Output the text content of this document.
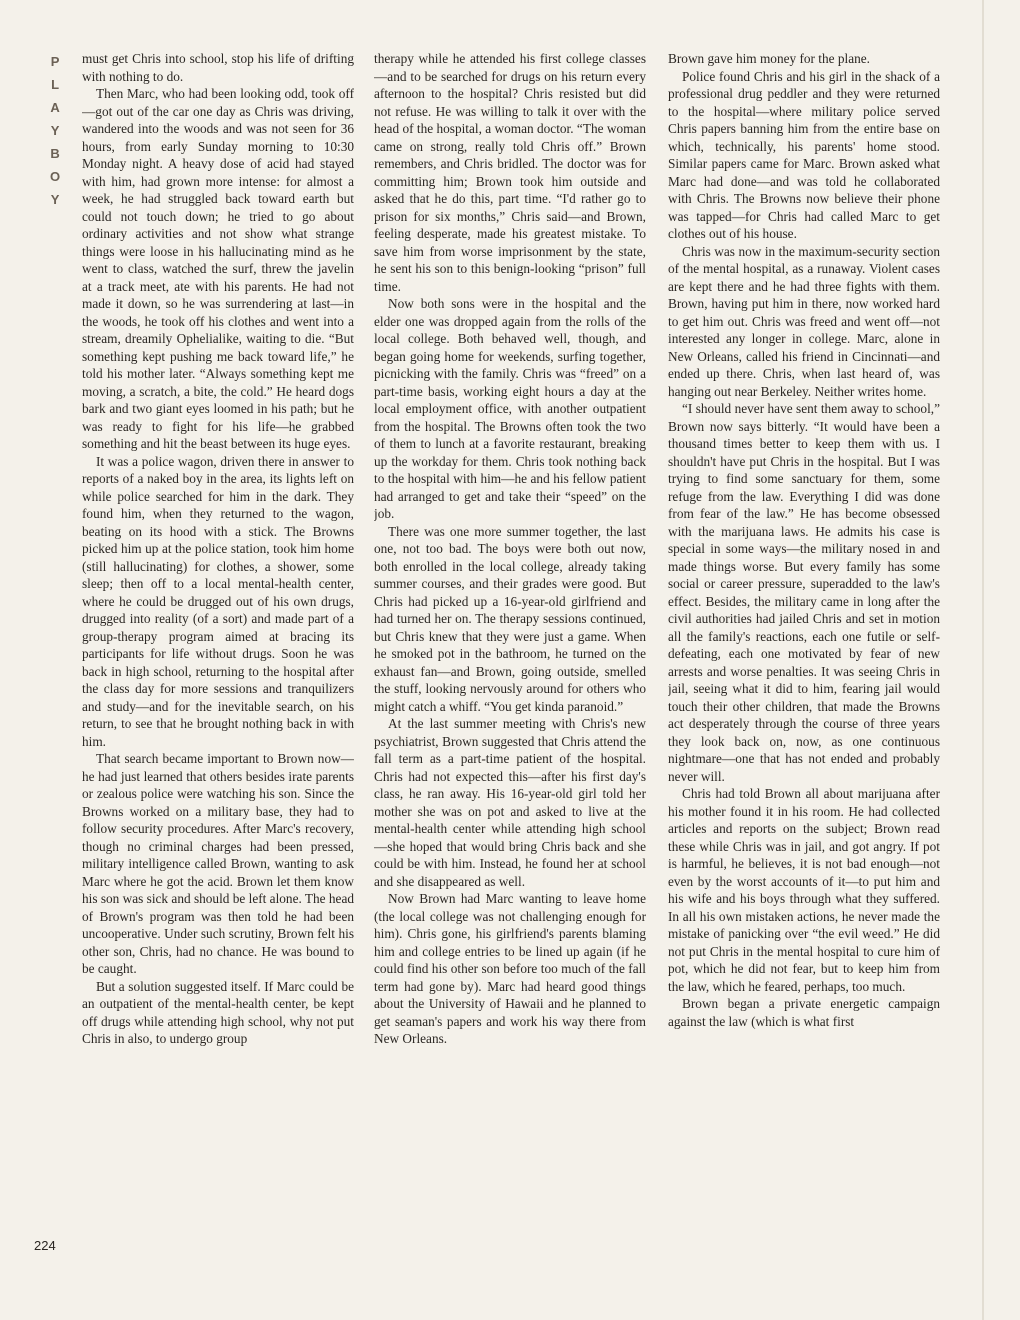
P
L
A
Y
B
O
Y
224

must get Chris into school, stop his life of drifting with nothing to do.

Then Marc, who had been looking odd, took off—got out of the car one day as Chris was driving, wandered into the woods and was not seen for 36 hours, from early Sunday morning to 10:30 Monday night. A heavy dose of acid had stayed with him, had grown more intense: for almost a week, he had struggled back toward earth but could not touch down; he tried to go about ordinary activities and not show what strange things were loose in his hallucinating mind as he went to class, watched the surf, threw the javelin at a track meet, ate with his parents. He had not made it down, so he was surrendering at last—in the woods, he took off his clothes and went into a stream, dreamily Ophelialike, waiting to die. “But something kept pushing me back toward life,” he told his mother later. “Always something kept me moving, a scratch, a bite, the cold.” He heard dogs bark and two giant eyes loomed in his path; but he was ready to fight for his life—he grabbed something and hit the beast between its huge eyes.

It was a police wagon, driven there in answer to reports of a naked boy in the area, its lights left on while police searched for him in the dark. They found him, when they returned to the wagon, beating on its hood with a stick. The Browns picked him up at the police station, took him home (still hallucinating) for clothes, a shower, some sleep; then off to a local mental-health center, where he could be drugged out of his own drugs, drugged into reality (of a sort) and made part of a group-therapy program aimed at bracing its participants for life without drugs. Soon he was back in high school, returning to the hospital after the class day for more sessions and tranquilizers and study—and for the inevitable search, on his return, to see that he brought nothing back in with him.

That search became important to Brown now—he had just learned that others besides irate parents or zealous police were watching his son. Since the Browns worked on a military base, they had to follow security procedures. After Marc's recovery, though no criminal charges had been pressed, military intelligence called Brown, wanting to ask Marc where he got the acid. Brown let them know his son was sick and should be left alone. The head of Brown's program was then told he had been uncooperative. Under such scrutiny, Brown felt his other son, Chris, had no chance. He was bound to be caught.

But a solution suggested itself. If Marc could be an outpatient of the mental-health center, be kept off drugs while attending high school, why not put Chris in also, to undergo group

therapy while he attended his first college classes—and to be searched for drugs on his return every afternoon to the hospital? Chris resisted but did not refuse. He was willing to talk it over with the head of the hospital, a woman doctor. “The woman came on strong, really told Chris off.” Brown remembers, and Chris bridled. The doctor was for committing him; Brown took him outside and asked that he do this, part time. “I'd rather go to prison for six months,” Chris said—and Brown, feeling desperate, made his greatest mistake. To save him from worse imprisonment by the state, he sent his son to this benign-looking “prison” full time.

Now both sons were in the hospital and the elder one was dropped again from the rolls of the local college. Both behaved well, though, and began going home for weekends, surfing together, picnicking with the family. Chris was “freed” on a part-time basis, working eight hours a day at the local employment office, with another outpatient from the hospital. The Browns often took the two of them to lunch at a favorite restaurant, breaking up the workday for them. Chris took nothing back to the hospital with him—he and his fellow patient had arranged to get and take their “speed” on the job.

There was one more summer together, the last one, not too bad. The boys were both out now, both enrolled in the local college, already taking summer courses, and their grades were good. But Chris had picked up a 16-year-old girlfriend and had turned her on. The therapy sessions continued, but Chris knew that they were just a game. When he smoked pot in the bathroom, he turned on the exhaust fan—and Brown, going outside, smelled the stuff, looking nervously around for others who might catch a whiff. “You get kinda paranoid.”

At the last summer meeting with Chris's new psychiatrist, Brown suggested that Chris attend the fall term as a part-time patient of the hospital. Chris had not expected this—after his first day's class, he ran away. His 16-year-old girl told her mother she was on pot and asked to live at the mental-health center while attending high school—she hoped that would bring Chris back and she could be with him. Instead, he found her at school and she disappeared as well.

Now Brown had Marc wanting to leave home (the local college was not challenging enough for him). Chris gone, his girlfriend's parents blaming him and college entries to be lined up again (if he could find his other son before too much of the fall term had gone by). Marc had heard good things about the University of Hawaii and he planned to get seaman's papers and work his way there from New Orleans.

Brown gave him money for the plane.

Police found Chris and his girl in the shack of a professional drug peddler and they were returned to the hospital—where military police served Chris papers banning him from the entire base on which, technically, his parents' home stood. Similar papers came for Marc. Brown asked what Marc had done—and was told he collaborated with Chris. The Browns now believe their phone was tapped—for Chris had called Marc to get clothes out of his house.

Chris was now in the maximum-security section of the mental hospital, as a runaway. Violent cases are kept there and he had three fights with them. Brown, having put him in there, now worked hard to get him out. Chris was freed and went off—not interested any longer in college. Marc, alone in New Orleans, called his friend in Cincinnati—and ended up there. Chris, when last heard of, was hanging out near Berkeley. Neither writes home.

“I should never have sent them away to school,” Brown now says bitterly. “It would have been a thousand times better to keep them with us. I shouldn't have put Chris in the hospital. But I was trying to find some sanctuary for them, some refuge from the law. Everything I did was done from fear of the law.” He has become obsessed with the marijuana laws. He admits his case is special in some ways—the military nosed in and made things worse. But every family has some social or career pressure, superadded to the law's effect. Besides, the military came in long after the civil authorities had jailed Chris and set in motion all the family's reactions, each one futile or self-defeating, each one motivated by fear of new arrests and worse penalties. It was seeing Chris in jail, seeing what it did to him, fearing jail would touch their other children, that made the Browns act desperately through the course of three years they look back on, now, as one continuous nightmare—one that has not ended and probably never will.

Chris had told Brown all about marijuana after his mother found it in his room. He had collected articles and reports on the subject; Brown read these while Chris was in jail, and got angry. If pot is harmful, he believes, it is not bad enough—not even by the worst accounts of it—to put him and his wife and his boys through what they suffered. In all his own mistaken actions, he never made the mistake of panicking over “the evil weed.” He did not put Chris in the mental hospital to cure him of pot, which he did not fear, but to keep him from the law, which he feared, perhaps, too much.

Brown began a private energetic campaign against the law (which is what first
